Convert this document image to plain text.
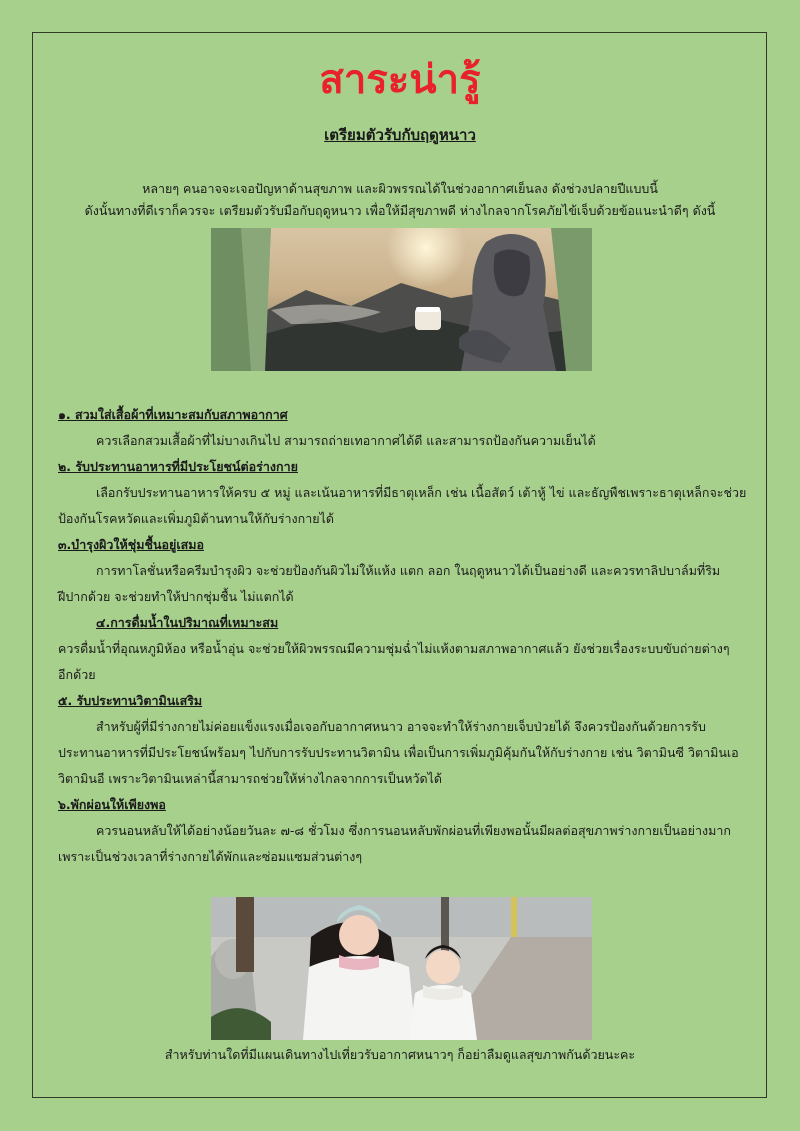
สาระน่ารู้
เตรียมตัวรับกับฤดูหนาว

หลายๆ คนอาจจะเจอปัญหาด้านสุขภาพ และผิวพรรณได้ในช่วงอากาศเย็นลง ดังช่วงปลายปีแบบนี้

ดังนั้นทางที่ดีเราก็ควรจะ เตรียมตัวรับมือกับฤดูหนาว เพื่อให้มีสุขภาพดี ห่างไกลจากโรคภัยไข้เจ็บด้วยข้อแนะนำดีๆ ดังนี้

๑. สวมใส่เสื้อผ้าที่เหมาะสมกับสภาพอากาศ

ควรเลือกสวมเสื้อผ้าที่ไม่บางเกินไป สามารถถ่ายเทอากาศได้ดี และสามารถป้องกันความเย็นได้

๒. รับประทานอาหารที่มีประโยชน์ต่อร่างกาย

เลือกรับประทานอาหารให้ครบ ๕ หมู่ และเน้นอาหารที่มีธาตุเหล็ก เช่น เนื้อสัตว์ เต้าหู้ ไข่ และธัญพืชเพราะธาตุเหล็กจะช่วยป้องกันโรคหวัดและเพิ่มภูมิต้านทานให้กับร่างกายได้

๓.บำรุงผิวให้ชุ่มชื้นอยู่เสมอ

การทาโลชั่นหรือครีมบำรุงผิว จะช่วยป้องกันผิวไม่ให้แห้ง แตก ลอก ในฤดูหนาวได้เป็นอย่างดี และควรทาลิปบาล์มที่ริมฝีปากด้วย จะช่วยทำให้ปากชุ่มชื้น ไม่แตกได้

๔.การดื่มน้ำในปริมาณที่เหมาะสม

ควรดื่มน้ำที่อุณหภูมิห้อง หรือน้ำอุ่น จะช่วยให้ผิวพรรณมีความชุ่มฉ่ำไม่แห้งตามสภาพอากาศแล้ว ยังช่วยเรื่องระบบขับถ่ายต่างๆ อีกด้วย

๕. รับประทานวิตามินเสริม

สำหรับผู้ที่มีร่างกายไม่ค่อยแข็งแรงเมื่อเจอกับอากาศหนาว อาจจะทำให้ร่างกายเจ็บป่วยได้ จึงควรป้องกันด้วยการรับประทานอาหารที่มีประโยชน์พร้อมๆ ไปกับการรับประทานวิตามิน เพื่อเป็นการเพิ่มภูมิคุ้มกันให้กับร่างกาย เช่น วิตามินซี วิตามินเอ วิตามินอี เพราะวิตามินเหล่านี้สามารถช่วยให้ห่างไกลจากการเป็นหวัดได้

๖.พักผ่อนให้เพียงพอ

ควรนอนหลับให้ได้อย่างน้อยวันละ ๗-๘ ชั่วโมง ซึ่งการนอนหลับพักผ่อนที่เพียงพอนั้นมีผลต่อสุขภาพร่างกายเป็นอย่างมาก เพราะเป็นช่วงเวลาที่ร่างกายได้พักและซ่อมแซมส่วนต่างๆ

สำหรับท่านใดที่มีแผนเดินทางไปเที่ยวรับอากาศหนาวๆ ก็อย่าลืมดูแลสุขภาพกันด้วยนะคะ
